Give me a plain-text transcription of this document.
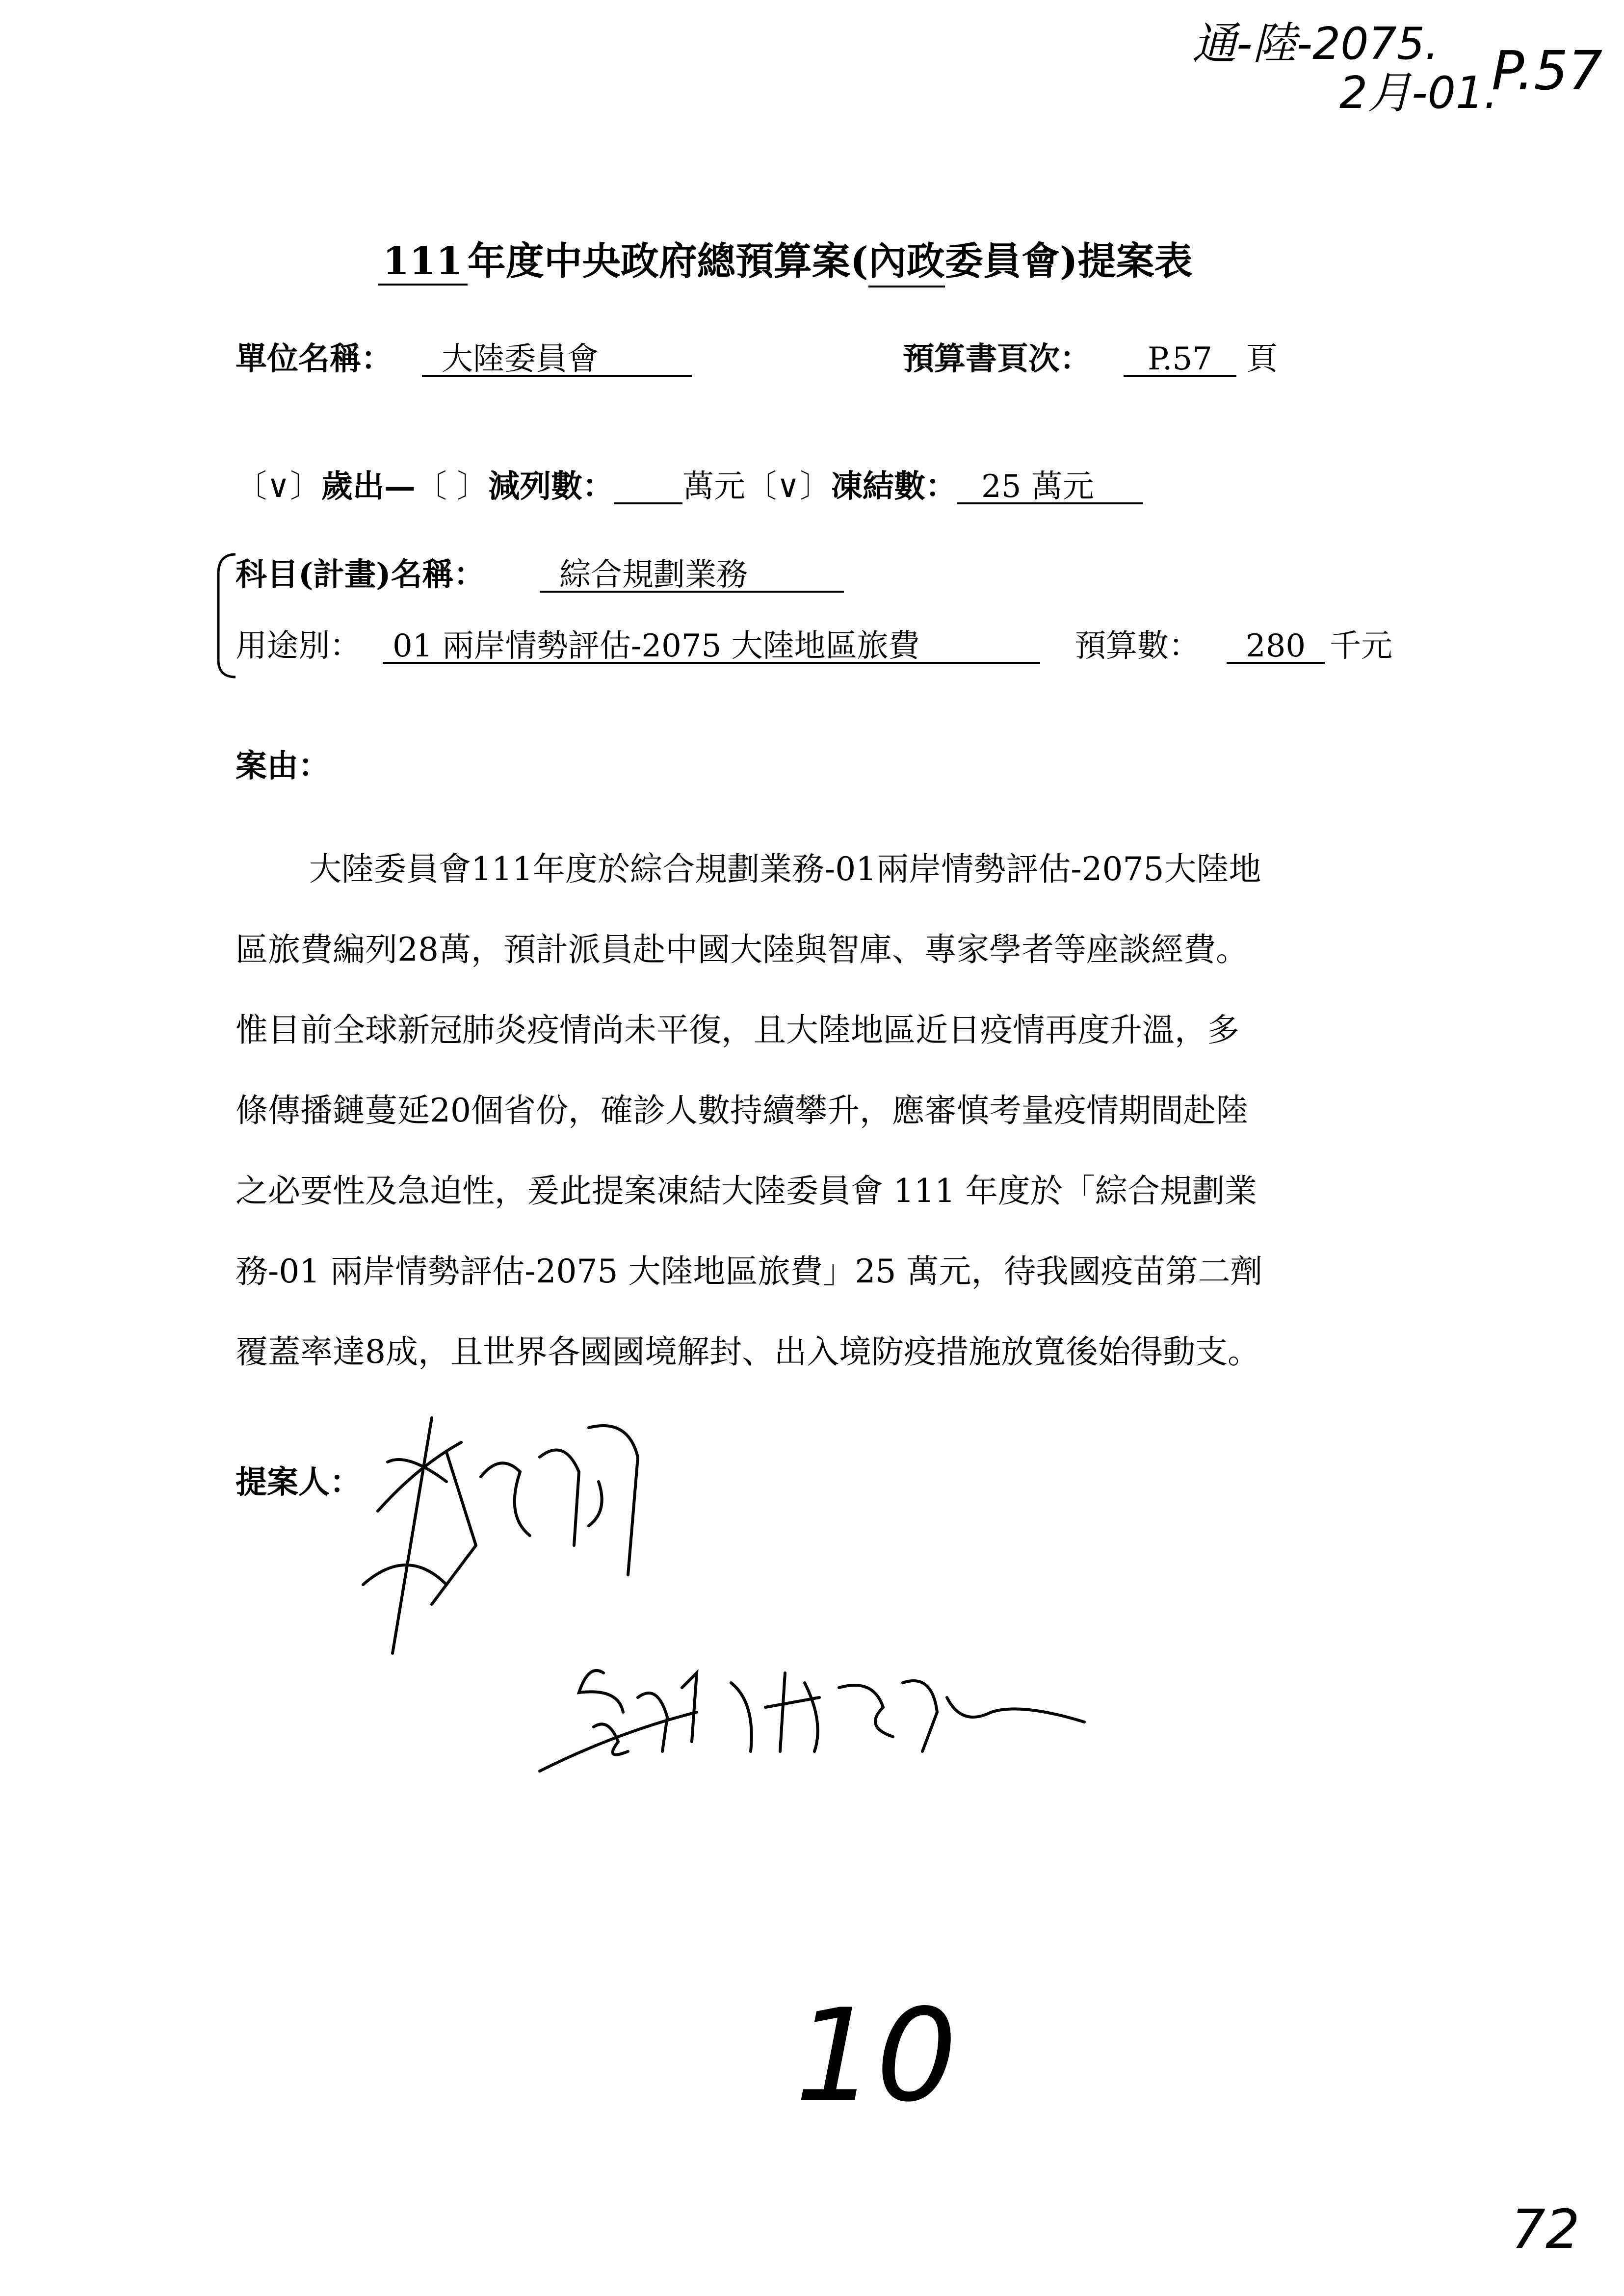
通-陸-2075.
2月-01.
P.57
111 年度中央政府總預算案(內政委員會)提案表
單位名稱：	大陸委員會	預算書頁次：	P.57	頁
〔∨〕歲出—〔 〕減列數： 萬元〔∨〕凍結數： 25 萬元
科目(計畫)名稱：	綜合規劃業務
用途別：	01 兩岸情勢評估-2075 大陸地區旅費	預算數：	280 千元
案由：
大陸委員會111年度於綜合規劃業務-01兩岸情勢評估-2075大陸地
區旅費編列28萬，預計派員赴中國大陸與智庫、專家學者等座談經費。
惟目前全球新冠肺炎疫情尚未平復，且大陸地區近日疫情再度升溫，多
條傳播鏈蔓延20個省份，確診人數持續攀升，應審慎考量疫情期間赴陸
之必要性及急迫性，爰此提案凍結大陸委員會 111 年度於「綜合規劃業
務-01 兩岸情勢評估-2075 大陸地區旅費」25 萬元，待我國疫苗第二劑
覆蓋率達8成，且世界各國國境解封、出入境防疫措施放寬後始得動支。
提案人：
10
72
